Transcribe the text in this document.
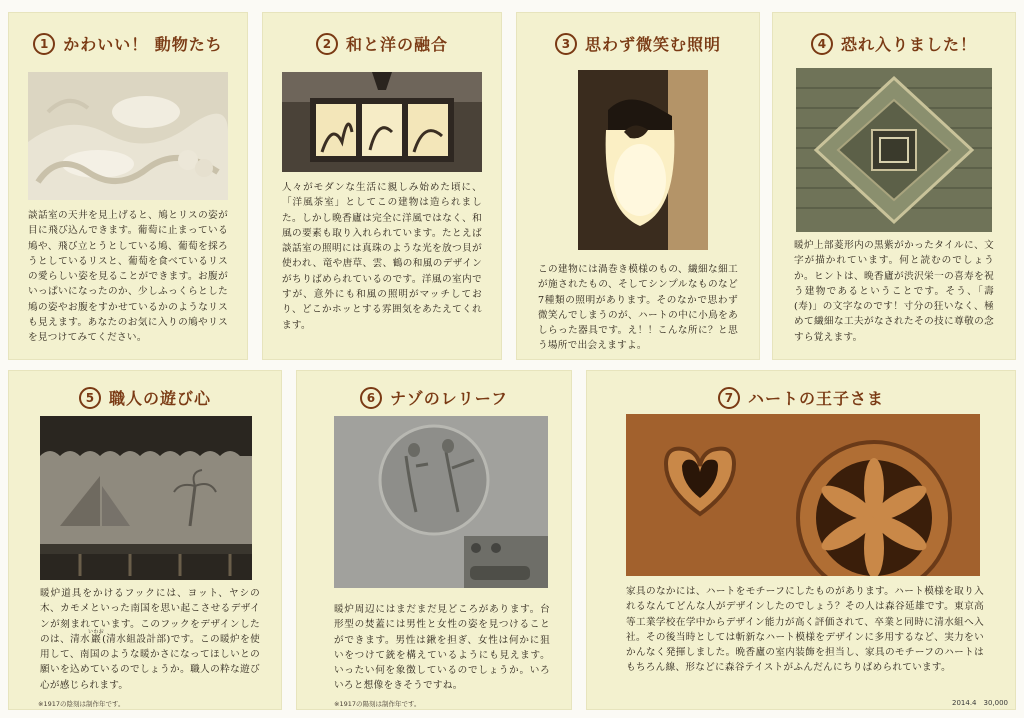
1 かわいい！ 動物たち
談話室の天井を見上げると、鳩とリスの姿が目に飛び込んできます。葡萄に止まっている鳩や、飛び立とうとしている鳩、葡萄を採ろうとしているリスと、葡萄を食べているリスの愛らしい姿を見ることができます。お腹がいっぱいになったのか、少しふっくらとした鳩の姿やお腹をすかせているかのようなリスも見えます。あなたのお気に入りの鳩やリスを見つけてみてください。
2 和と洋の融合
人々がモダンな生活に親しみ始めた頃に、「洋風茶室」としてこの建物は造られました。しかし晩香廬は完全に洋風ではなく、和風の要素も取り入れられています。たとえば談話室の照明には真珠のような光を放つ貝が使われ、竜や唐草、雲、鶴の和風のデザインがちりばめられているのです。洋風の室内ですが、意外にも和風の照明がマッチしており、どこかホッとする雰囲気をあたえてくれます。
3 思わず微笑む照明
この建物には渦巻き模様のもの、繊細な細工が施されたもの、そしてシンプルなものなど7種類の照明があります。そのなかで思わず微笑んでしまうのが、ハートの中に小鳥をあしらった器具です。え！！こんな所に？と思う場所で出会えますよ。
4 恐れ入りました！
暖炉上部菱形内の黒紫がかったタイルに、文字が描かれています。何と読むのでしょうか。ヒントは、晩香廬が渋沢栄一の喜寿を祝う建物であるということです。そう、「壽(寿)」の文字なのです！寸分の狂いなく、極めて繊細な工夫がなされたその技に尊敬の念すら覚えます。
5 職人の遊び心
暖炉道具をかけるフックには、ヨット、ヤシの木、カモメといった南国を思い起こさせるデザインが刻まれています。このフックをデザインしたのは、清水巖いわお(清水組設計部)です。この暖炉を使用して、南国のような暖かさになってほしいとの願いを込めているのでしょうか。職人の粋な遊び心が感じられます。
※1917の陰刻は制作年です。
6 ナゾのレリーフ
暖炉周辺にはまだまだ見どころがあります。台形型の焚蓋には男性と女性の姿を見つけることができます。男性は鍬を担ぎ、女性は何かに狙いをつけて銃を構えているようにも見えます。いったい何を象徴しているのでしょうか。いろいろと想像をきそうですね。
※1917の陽刻は制作年です。
7 ハートの王子さま
家具のなかには、ハートをモチーフにしたものがあります。ハート模様を取り入れるなんてどんな人がデザインしたのでしょう？その人は森谷延雄です。東京高等工業学校在学中からデザイン能力が高く評価されて、卒業と同時に清水組へ入社。その後当時としては斬新なハート模様をデザインに多用するなど、実力をいかんなく発揮しました。晩香廬の室内装飾を担当し、家具のモチーフのハートはもちろん線、形などに森谷テイストがふんだんにちりばめられています。
2014.4　30,000
